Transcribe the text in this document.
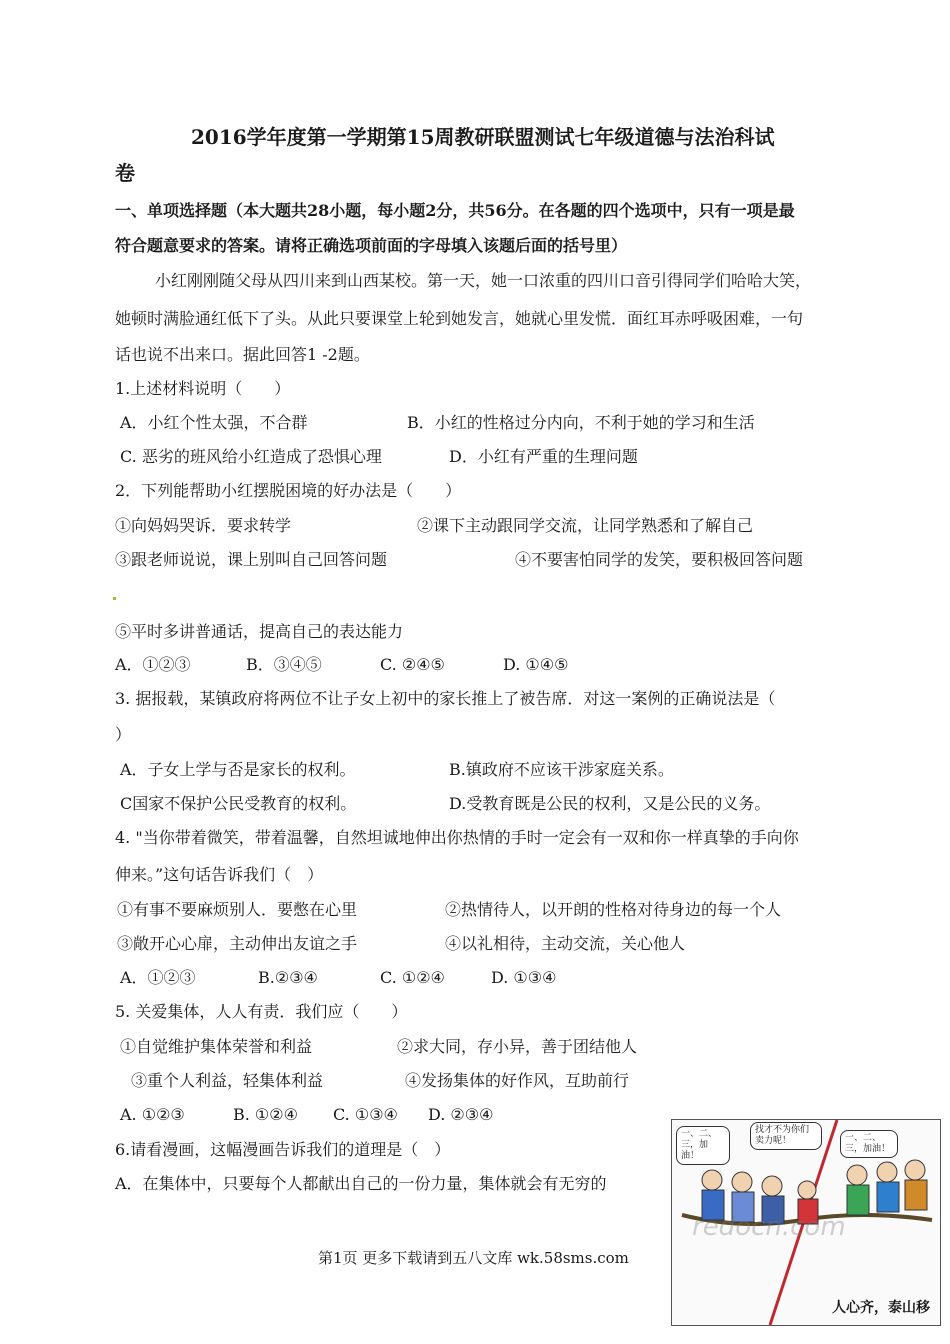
2016学年度第一学期第15周教研联盟测试七年级道德与法治科试
卷
一、单项选择题（本大题共28小题，每小题2分，共56分。在各题的四个选项中，只有一项是最
符合题意要求的答案。请将正确选项前面的字母填入该题后面的括号里）
小红刚刚随父母从四川来到山西某校。第一天，她一口浓重的四川口音引得同学们哈哈大笑，
她顿时满脸通红低下了头。从此只要课堂上轮到她发言，她就心里发慌．面红耳赤呼吸困难，一句
话也说不出来口。据此回答1 -2题。
1.上述材料说明（　　）
A．小红个性太强，不合群	B．小红的性格过分内向，不利于她的学习和生活
C. 恶劣的班风给小红造成了恐惧心理	D．小红有严重的生理问题
2．下列能帮助小红摆脱困境的好办法是（　　）
①向妈妈哭诉．要求转学	②课下主动跟同学交流，让同学熟悉和了解自己
③跟老师说说，课上别叫自己回答问题	④不要害怕同学的发笑，要积极回答问题
⑤平时多讲普通话，提高自己的表达能力
A．①②③	B．③④⑤	C. ②④⑤	D. ①④⑤
3. 据报载，某镇政府将两位不让子女上初中的家长推上了被告席．对这一案例的正确说法是（
）
A．子女上学与否是家长的权利。	B.镇政府不应该干涉家庭关系。
C国家不保护公民受教育的权利。	D.受教育既是公民的权利，又是公民的义务。
4. "当你带着微笑，带着温馨，自然坦诚地伸出你热情的手时一定会有一双和你一样真挚的手向你
伸来。”这句话告诉我们（　）
①有事不要麻烦别人．要憋在心里	②热情待人，以开朗的性格对待身边的每一个人
③敞开心心扉，主动伸出友谊之手	④以礼相待，主动交流，关心他人
A．①②③	B.②③④	C. ①②④	D. ①③④
5. 关爱集体，人人有责．我们应（　　）
①自觉维护集体荣誉和利益	②求大同，存小异，善于团结他人
③重个人利益，轻集体利益	④发扬集体的好作风，互助前行
A. ①②③	B. ①②④ C. ①③④ D. ②③④
6.请看漫画，这幅漫画告诉我们的道理是（　）
A．在集体中，只要每个人都献出自己的一份力量，集体就会有无穷的
一、二、三，加油！
找才不为你们卖力呢！	一、二、三，加油！
redocn.com
人心齐，泰山移
第1页 更多下载请到五八文库 wk.58sms.com
